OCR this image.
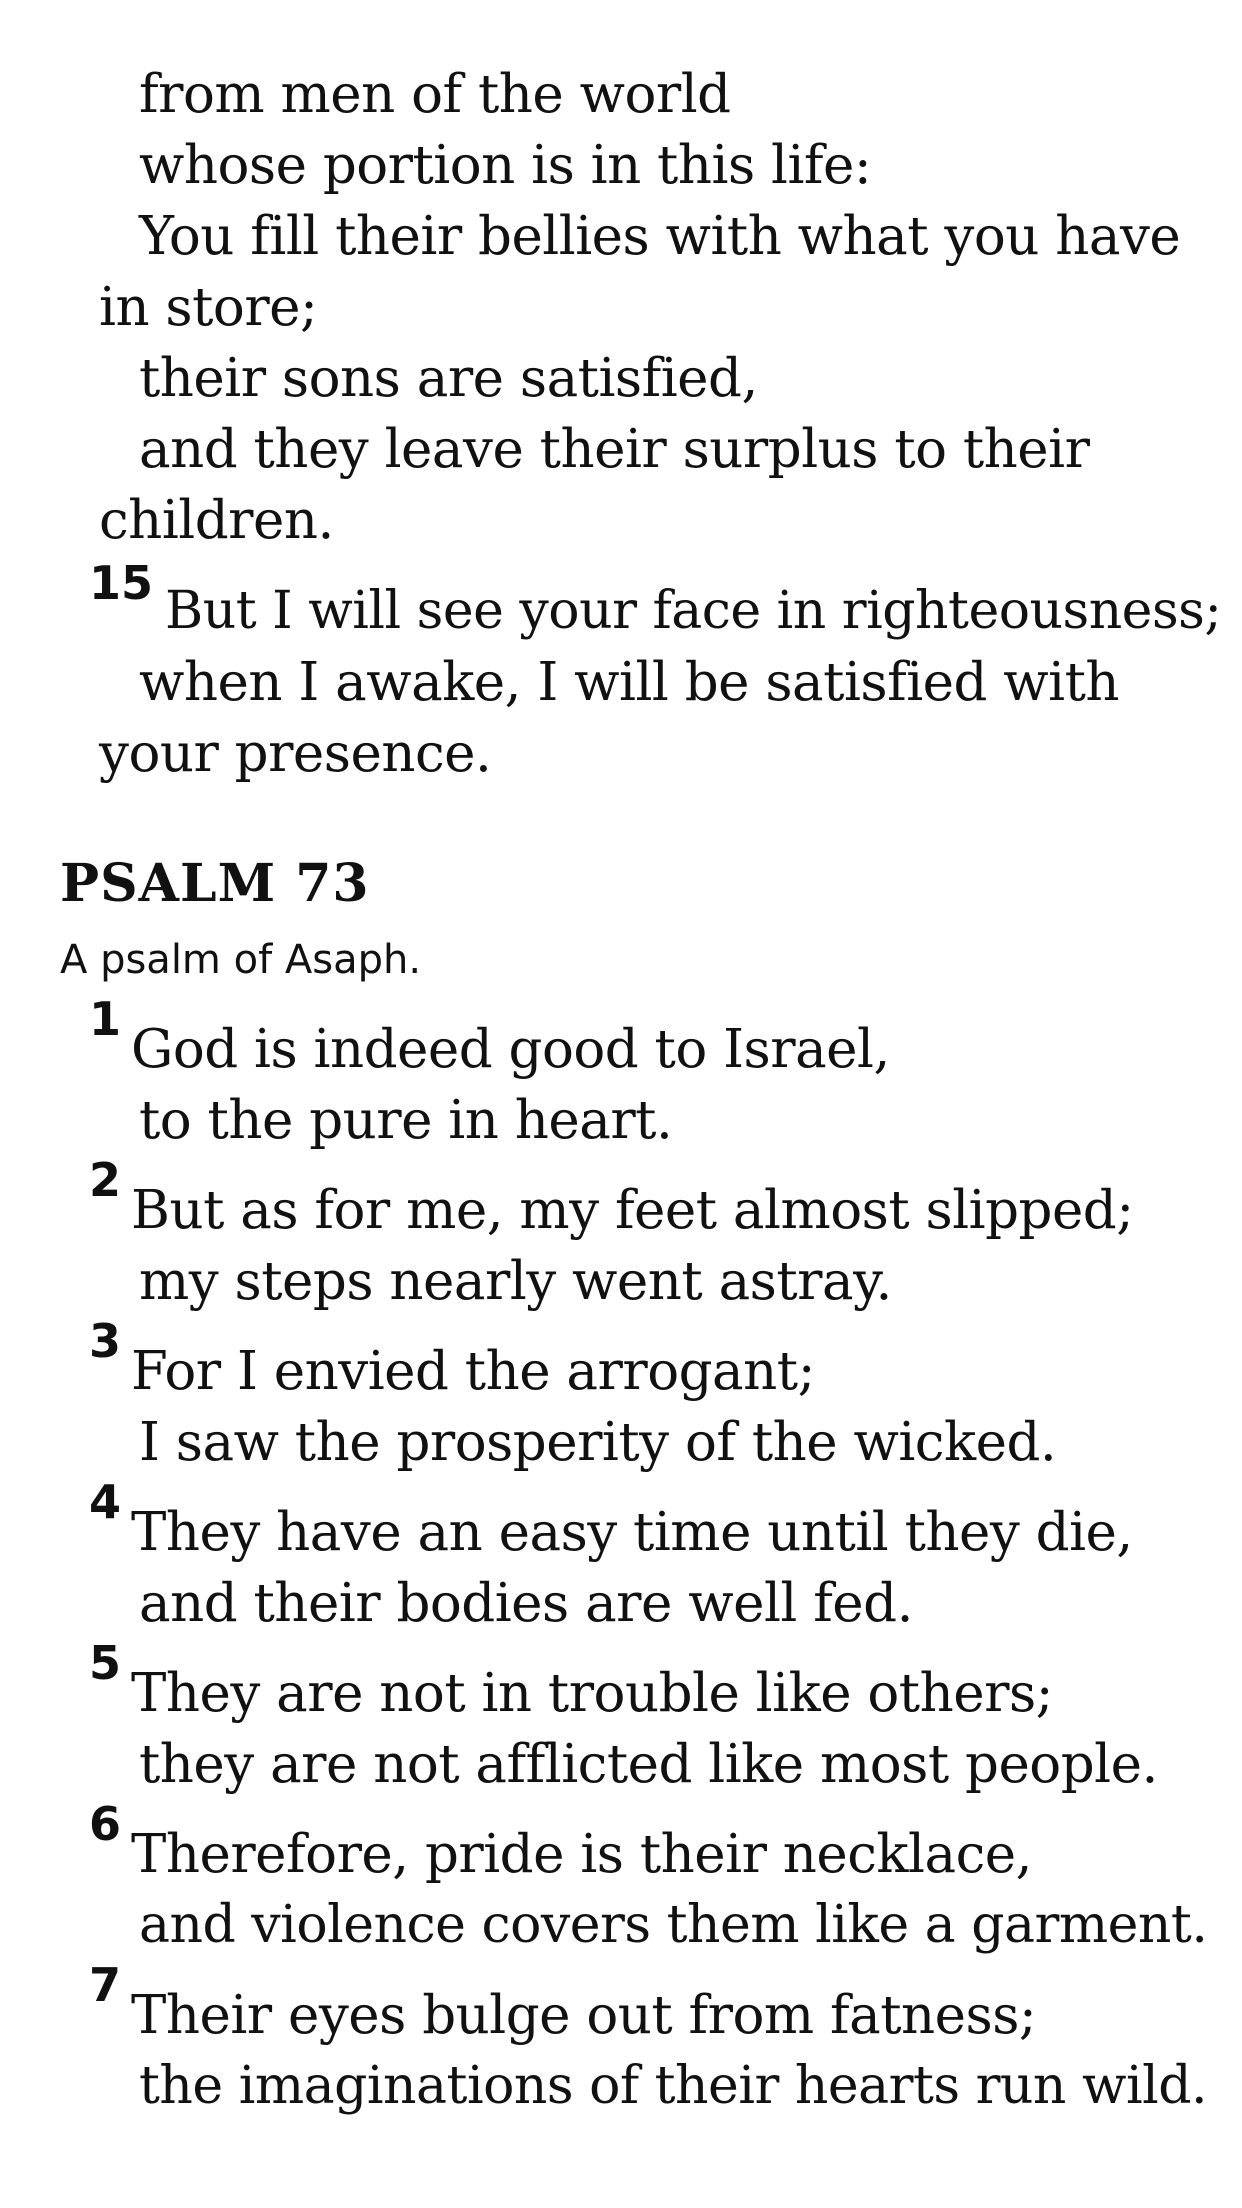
from men of the world
whose portion is in this life:
You fill their bellies with what you have
in store;
their sons are satisfied,
and they leave their surplus to their
children.
15 But I will see your face in righteousness;
when I awake, I will be satisfied with
your presence.
PSALM 73
A psalm of Asaph.
1 God is indeed good to Israel,
to the pure in heart.
2 But as for me, my feet almost slipped;
my steps nearly went astray.
3 For I envied the arrogant;
I saw the prosperity of the wicked.
4 They have an easy time until they die,
and their bodies are well fed.
5 They are not in trouble like others;
they are not afflicted like most people.
6 Therefore, pride is their necklace,
and violence covers them like a garment.
7 Their eyes bulge out from fatness;
the imaginations of their hearts run wild.
